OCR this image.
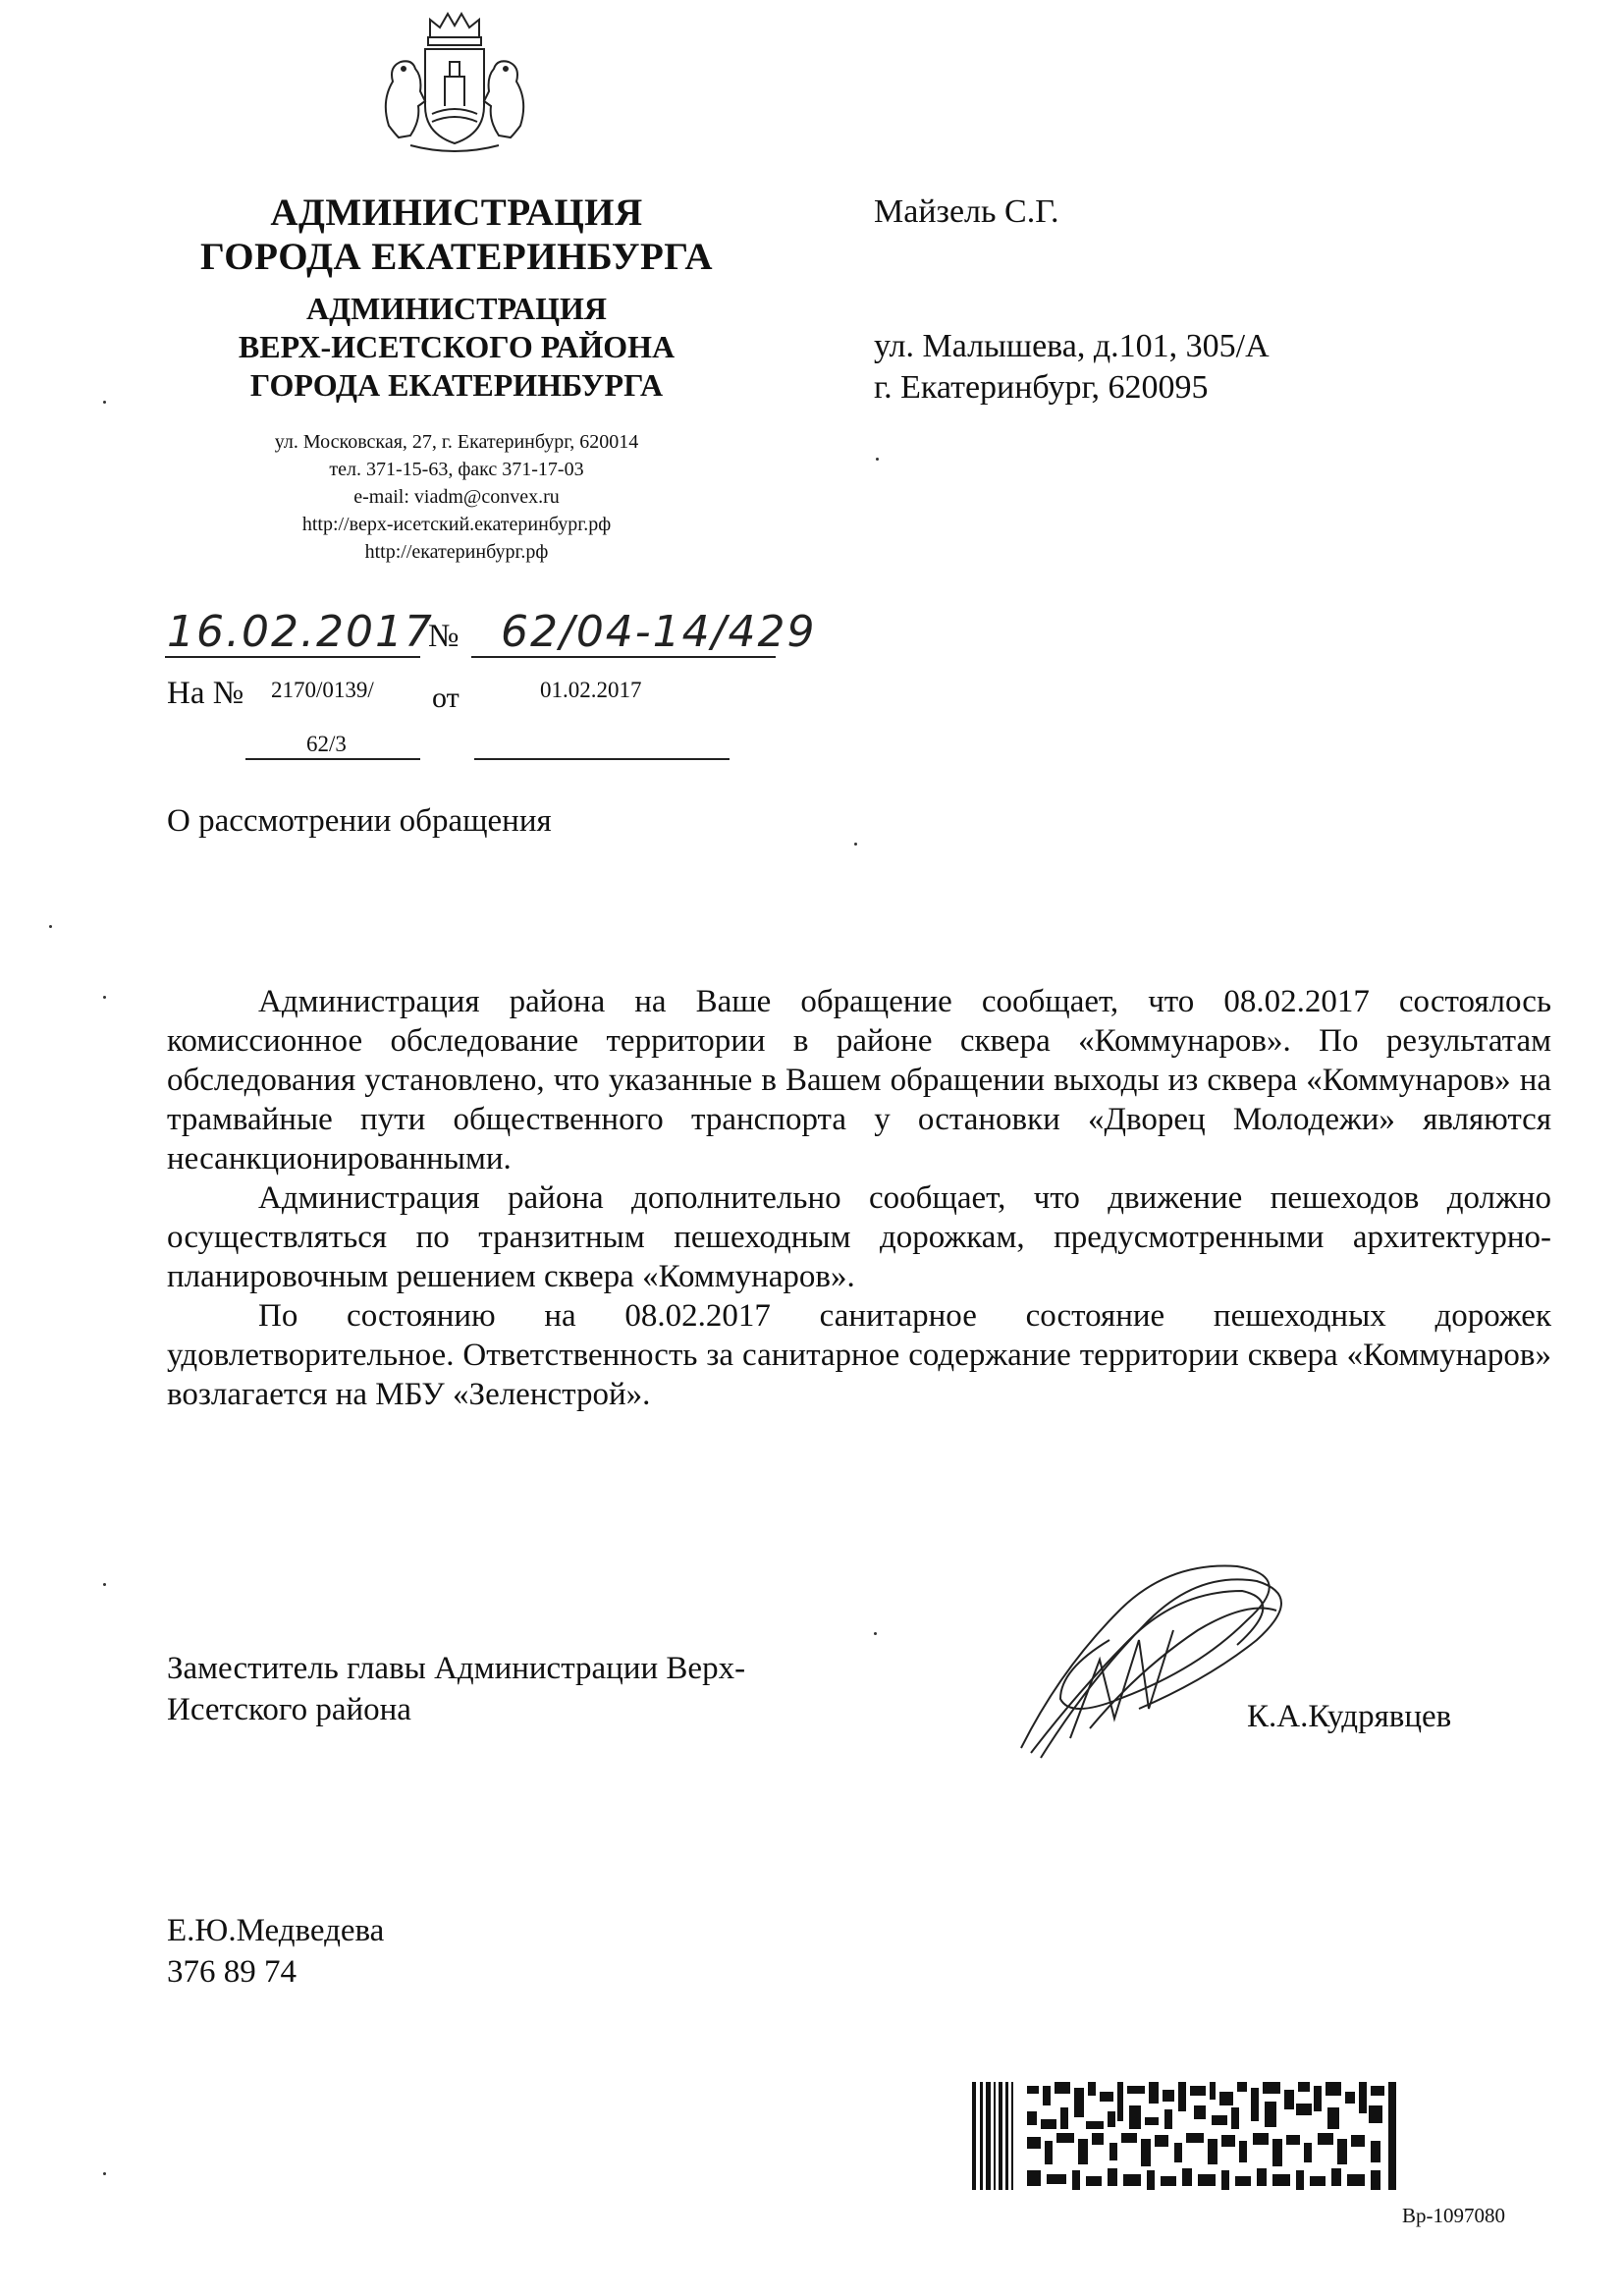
АДМИНИСТРАЦИЯ
ГОРОДА ЕКАТЕРИНБУРГА
АДМИНИСТРАЦИЯ
ВЕРХ-ИСЕТСКОГО РАЙОНА
ГОРОДА ЕКАТЕРИНБУРГА
ул. Московская, 27, г. Екатеринбург, 620014
тел. 371-15-63, факс 371-17-03
e-mail: viadm@convex.ru
http://верх-исетский.екатеринбург.рф
http://екатеринбург.рф
Майзель С.Г.
ул. Малышева, д.101, 305/А
г. Екатеринбург, 620095
16.02.2017
№ 62/04-14/429
На № 2170/0139/
62/3
от	01.02.2017
О рассмотрении обращения

Администрация района на Ваше обращение сообщает, что 08.02.2017 состоялось комиссионное обследование территории в районе сквера «Коммунаров». По результатам обследования установлено, что указанные в Вашем обращении выходы из сквера «Коммунаров» на трамвайные пути общественного транспорта у остановки «Дворец Молодежи» являются несанкционированными.

Администрация района дополнительно сообщает, что движение пешеходов должно осуществляться по транзитным пешеходным дорожкам, предусмотренными архитектурно-планировочным решением сквера «Коммунаров».

По состоянию на 08.02.2017 санитарное состояние пешеходных дорожек удовлетворительное. Ответственность за санитарное содержание территории сквера «Коммунаров» возлагается на МБУ «Зеленстрой».

Заместитель главы Администрации Верх-
Исетского района	К.А.Кудрявцев
Е.Ю.Медведева
376 89 74
Вр-1097080
